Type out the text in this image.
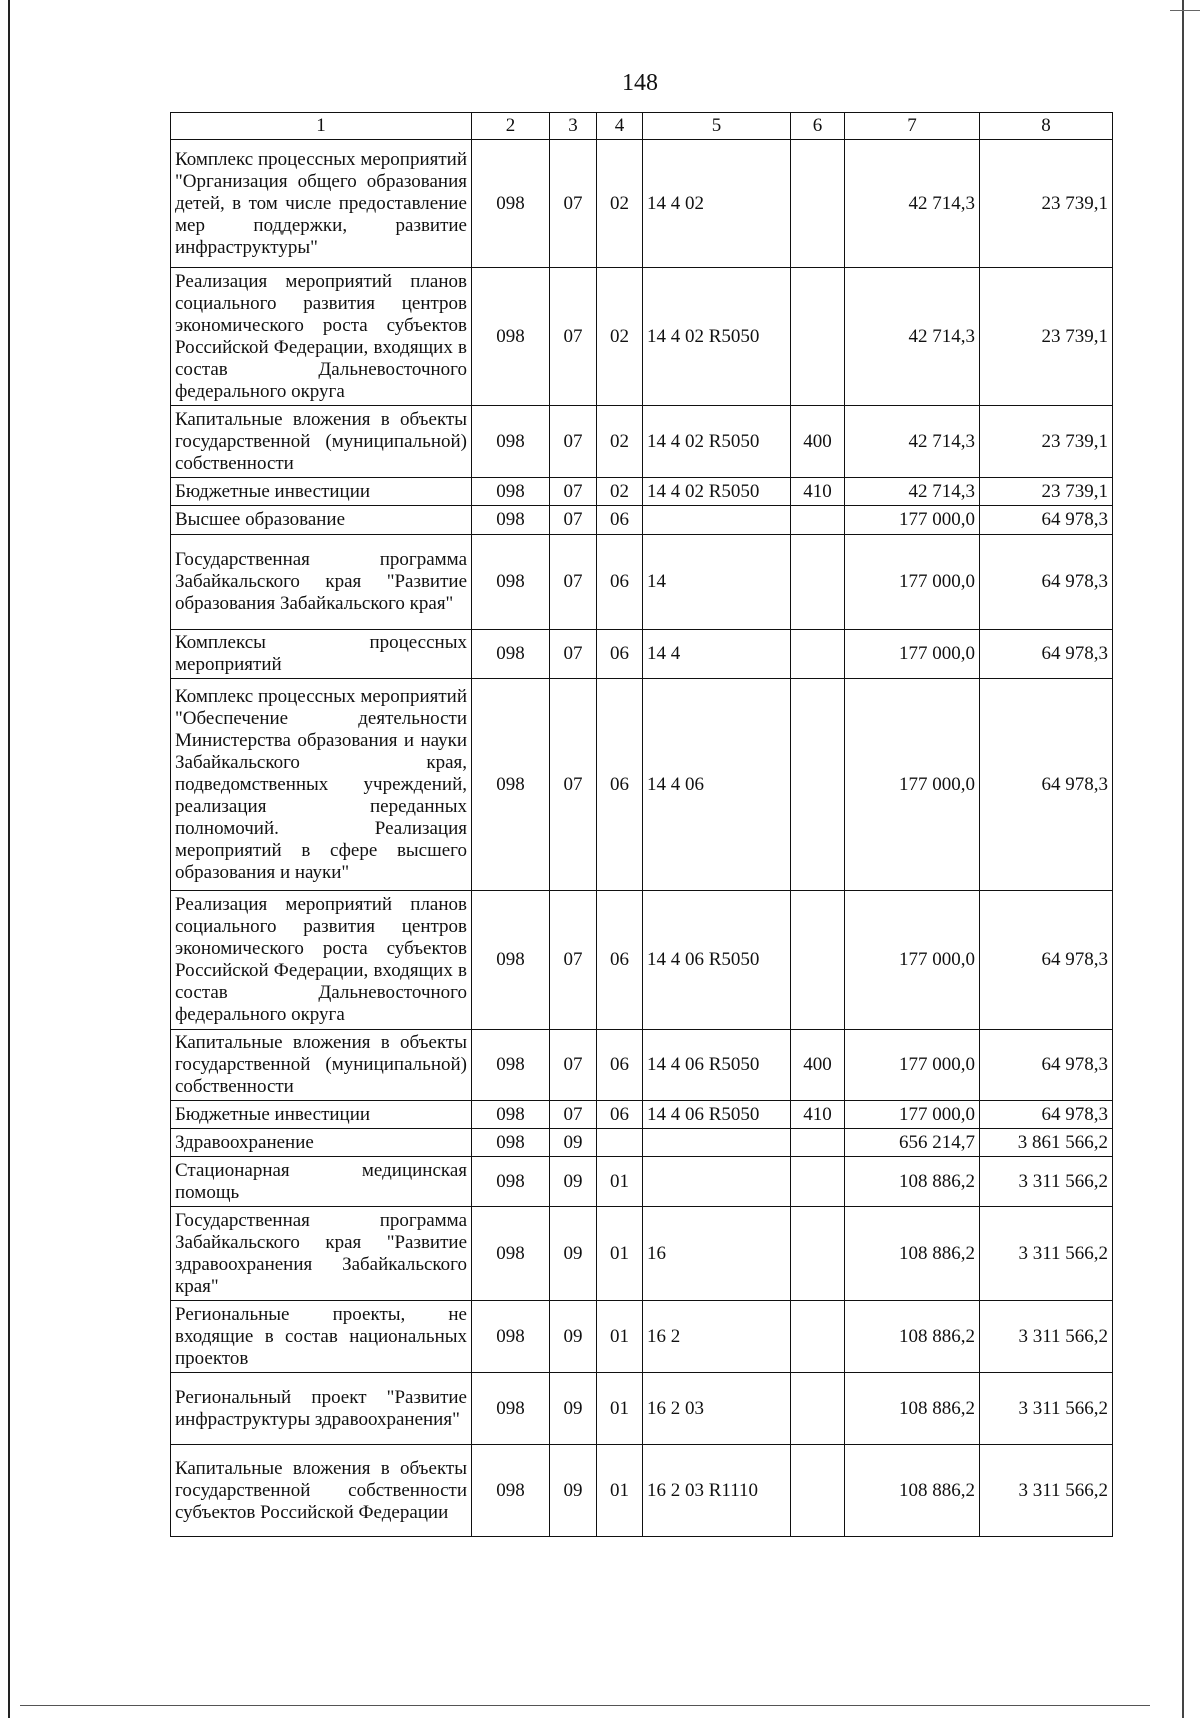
148
1	2	3	4	5	6	7	8
Комплекс процессных мероприятий "Организация общего образования детей, в том числе предоставление мер поддержки, развитие инфраструктуры"	098	07	02	14 4 02		42 714,3	23 739,1
Реализация мероприятий планов социального развития центров экономического роста субъектов Российской Федерации, входящих в состав Дальневосточного федерального округа	098	07	02	14 4 02 R5050		42 714,3	23 739,1
Капитальные вложения в объекты государственной (муниципальной) собственности	098	07	02	14 4 02 R5050	400	42 714,3	23 739,1
Бюджетные инвестиции	098	07	02	14 4 02 R5050	410	42 714,3	23 739,1
Высшее образование	098	07	06			177 000,0	64 978,3
Государственная программа Забайкальского края "Развитие образования Забайкальского края"	098	07	06	14		177 000,0	64 978,3
Комплексы процессных мероприятий	098	07	06	14 4		177 000,0	64 978,3
Комплекс процессных мероприятий "Обеспечение деятельности Министерства образования и науки Забайкальского края, подведомственных учреждений, реализация переданных полномочий. Реализация мероприятий в сфере высшего образования и науки"	098	07	06	14 4 06		177 000,0	64 978,3
Реализация мероприятий планов социального развития центров экономического роста субъектов Российской Федерации, входящих в состав Дальневосточного федерального округа	098	07	06	14 4 06 R5050		177 000,0	64 978,3
Капитальные вложения в объекты государственной (муниципальной) собственности	098	07	06	14 4 06 R5050	400	177 000,0	64 978,3
Бюджетные инвестиции	098	07	06	14 4 06 R5050	410	177 000,0	64 978,3
Здравоохранение	098	09				656 214,7	3 861 566,2
Стационарная медицинская помощь	098	09	01			108 886,2	3 311 566,2
Государственная программа Забайкальского края "Развитие здравоохранения Забайкальского края"	098	09	01	16		108 886,2	3 311 566,2
Региональные проекты, не входящие в состав национальных проектов	098	09	01	16 2		108 886,2	3 311 566,2
Региональный проект "Развитие инфраструктуры здравоохранения"	098	09	01	16 2 03		108 886,2	3 311 566,2
Капитальные вложения в объекты государственной собственности субъектов Российской Федерации	098	09	01	16 2 03 R1110		108 886,2	3 311 566,2
